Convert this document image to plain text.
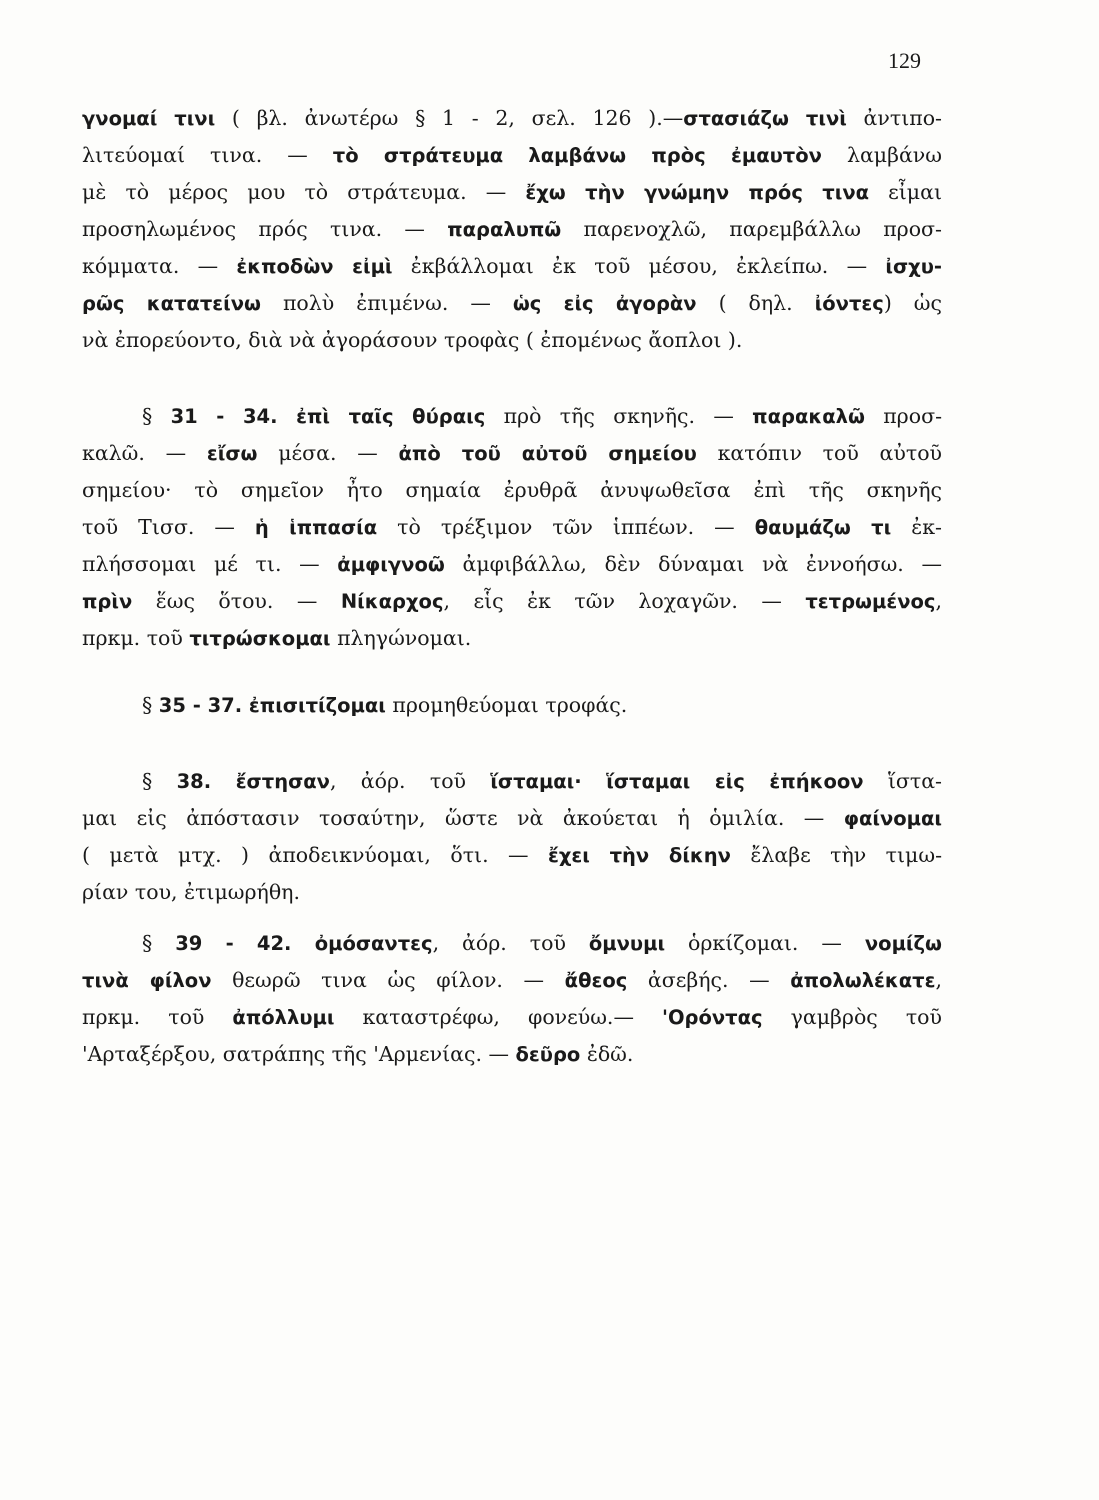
129
γνομαί τινι ( βλ. ἀνωτέρω § 1 - 2, σελ. 126 ).—στασιάζω τινὶ ἀντιπο-
λιτεύομαί τινα. — τὸ στράτευμα λαμβάνω πρὸς ἐμαυτὸν λαμβάνω
μὲ τὸ μέρος μου τὸ στράτευμα. — ἔχω τὴν γνώμην πρός τινα εἶμαι
προσηλωμένος πρός τινα. — παραλυπῶ παρενοχλῶ, παρεμβάλλω προσ-
κόμματα. — ἐκποδὼν εἰμὶ ἐκβάλλομαι ἐκ τοῦ μέσου, ἐκλείπω. — ἰσχυ-
ρῶς κατατείνω πολὺ ἐπιμένω. — ὡς εἰς ἀγορὰν ( δηλ. ἰόντες) ὡς
νὰ ἐπορεύοντο, διὰ νὰ ἀγοράσουν τροφὰς ( ἐπομένως ἄοπλοι ).
§ 31 - 34. ἐπὶ ταῖς θύραις πρὸ τῆς σκηνῆς. — παρακαλῶ προσ-
καλῶ. — εἴσω μέσα. — ἀπὸ τοῦ αὐτοῦ σημείου κατόπιν τοῦ αὐτοῦ
σημείου· τὸ σημεῖον ἦτο σημαία ἐρυθρᾶ ἀνυψωθεῖσα ἐπὶ τῆς σκηνῆς
τοῦ Τισσ. — ἡ ἱππασία τὸ τρέξιμον τῶν ἱππέων. — θαυμάζω τι ἐκ-
πλήσσομαι μέ τι. — ἀμφιγνοῶ ἀμφιβάλλω, δὲν δύναμαι νὰ ἐννοήσω. —
πρὶν ἕως ὅτου. — Νίκαρχος, εἷς ἐκ τῶν λοχαγῶν. — τετρωμένος,
πρκμ. τοῦ τιτρώσκομαι πληγώνομαι.
§ 35 - 37. ἐπισιτίζομαι προμηθεύομαι τροφάς.
§ 38. ἔστησαν, ἀόρ. τοῦ ἵσταμαι· ἵσταμαι εἰς ἐπήκοον ἵστα-
μαι εἰς ἀπόστασιν τοσαύτην, ὥστε νὰ ἀκούεται ἡ ὁμιλία. — φαίνομαι
( μετὰ μτχ. ) ἀποδεικνύομαι, ὅτι. — ἔχει τὴν δίκην ἔλαβε τὴν τιμω-
ρίαν του, ἐτιμωρήθη.
§ 39 - 42. ὀμόσαντες, ἀόρ. τοῦ ὄμνυμι ὁρκίζομαι. — νομίζω
τινὰ φίλον θεωρῶ τινα ὡς φίλον. — ἄθεος ἀσεβής. — ἀπολωλέκατε,
πρκμ. τοῦ ἀπόλλυμι καταστρέφω, φονεύω.— 'Ορόντας γαμβρὸς τοῦ
'Αρταξέρξου, σατράπης τῆς 'Αρμενίας. — δεῦρο ἐδῶ.
